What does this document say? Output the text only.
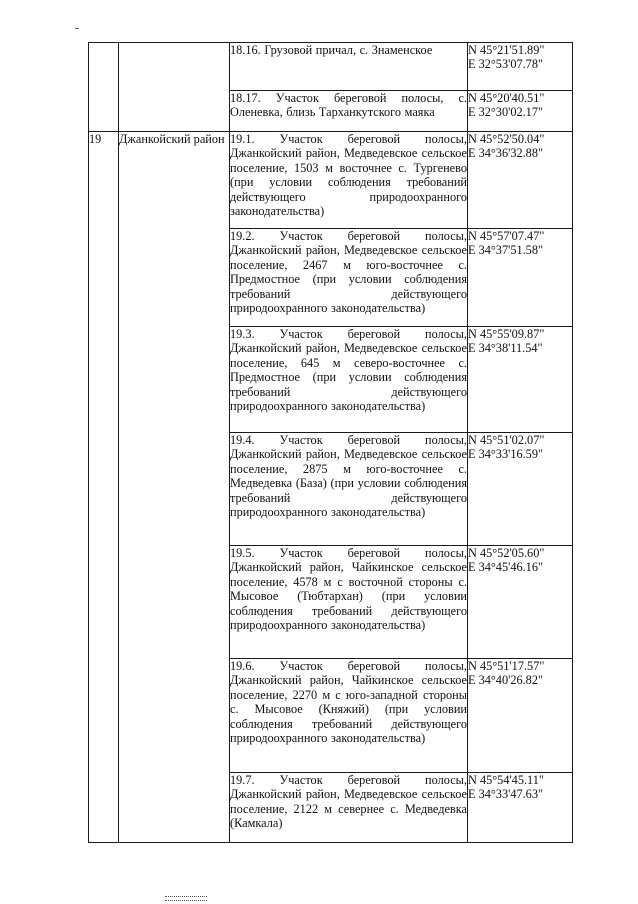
		18.16. Грузовой причал, с. Знаменское	N 45°21'51.89"
E 32°53'07.78"

		18.17. Участок береговой полосы, с. Оленевка, близь Тарханкутского маяка	N 45°20'40.51"
E 32°30'02.17"

19	Джанкойский район	19.1. Участок береговой полосы, Джанкойский район, Медведевское сельское поселение, 1503 м восточнее с. Тургенево (при условии соблюдения требований действующего природоохранного законодательства)	N 45°52'50.04"
E 34°36'32.88"

		19.2. Участок береговой полосы, Джанкойский район, Медведевское сельское поселение, 2467 м юго-восточнее с. Предмостное (при условии соблюдения требований действующего природоохранного законодательства)	N 45°57'07.47"
E 34°37'51.58"

		19.3. Участок береговой полосы, Джанкойский район, Медведевское сельское поселение, 645 м северо-восточнее с. Предмостное (при условии соблюдения требований действующего природоохранного законодательства)	N 45°55'09.87"
E 34°38'11.54"

		19.4. Участок береговой полосы, Джанкойский район, Медведевское сельское поселение, 2875 м юго-восточнее с. Медведевка (База) (при условии соблюдения требований действующего природоохранного законодательства)	N 45°51'02.07"
E 34°33'16.59"

		19.5. Участок береговой полосы, Джанкойский район, Чайкинское сельское поселение, 4578 м с восточной стороны с. Мысовое (Тюбтархан) (при условии соблюдения требований действующего природоохранного законодательства)	N 45°52'05.60"
E 34°45'46.16"

		19.6. Участок береговой полосы, Джанкойский район, Чайкинское сельское поселение, 2270 м с юго-западной стороны с. Мысовое (Княжий) (при условии соблюдения требований действующего природоохранного законодательства)	N 45°51'17.57"
E 34°40'26.82"

		19.7. Участок береговой полосы, Джанкойский район, Медведевское сельское поселение, 2122 м севернее с. Медведевка (Камкала)	N 45°54'45.11"
E 34°33'47.63"
